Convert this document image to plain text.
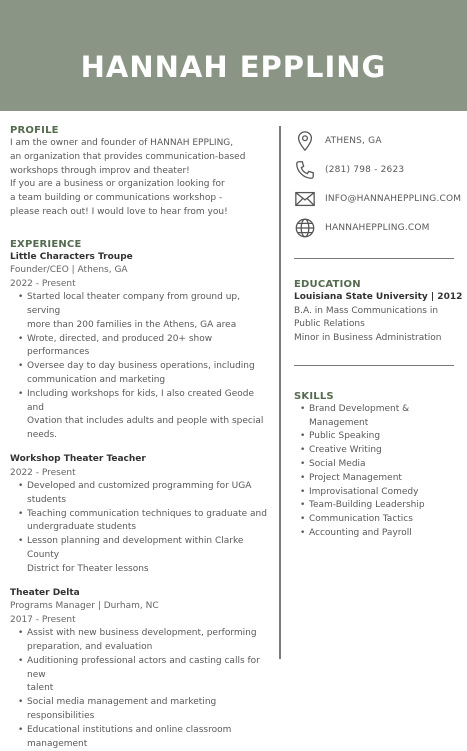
HANNAH EPPLING
PROFILE
I am the owner and founder of HANNAH EPPLING,
an organization that provides communication-based
workshops through improv and theater!
If you are a business or organization looking for
a team building or communications workshop -
please reach out! I would love to hear from you!
EXPERIENCE
Little Characters Troupe
Founder/CEO | Athens, GA
2022 - Present
• Started local theater company from ground up, serving
more than 200 families in the Athens, GA area
• Wrote, directed, and produced 20+ show performances
• Oversee day to day business operations, including
communication and marketing
• Including workshops for kids, I also created Geode and
Ovation that includes adults and people with special
needs.
Workshop Theater Teacher
2022 - Present
• Developed and customized programming for UGA
students
• Teaching communication techniques to graduate and
undergraduate students
• Lesson planning and development within Clarke County
District for Theater lessons
Theater Delta
Programs Manager | Durham, NC
2017 - Present
• Assist with new business development, performing
preparation, and evaluation
• Auditioning professional actors and casting calls for new
talent
• Social media management and marketing responsibilities
• Educational institutions and online classroom
management
ATHENS, GA
(281) 798 - 2623
INFO@HANNAHEPPLING.COM
HANNAHEPPLING.COM
EDUCATION
Louisiana State University | 2012
B.A. in Mass Communications in
Public Relations
Minor in Business Administration
SKILLS
• Brand Development & Management
• Public Speaking
• Creative Writing
• Social Media
• Project Management
• Improvisational Comedy
• Team-Building Leadership
• Communication Tactics
• Accounting and Payroll
